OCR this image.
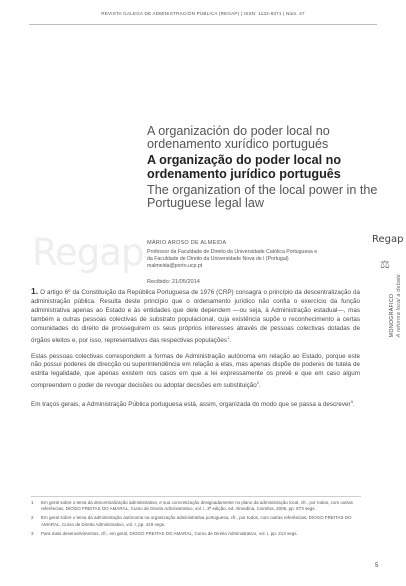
REVISTA GALEGA DE ADMINISTRACIÓN PÚBLICA (REGAP) | ISSN: 1132-8371 | Núm. 47
A organización do poder local no ordenamento xurídico portugués
A organização do poder local no ordenamento jurídico português
The organization of the local power in the Portuguese legal law
Regap$^{47}$
MÁRIO AROSO DE ALMEIDA
Professor da Faculdade de Direito da Universidade Católica Portuguesa e
da Faculdade de Direito da Universidade Nova de l (Portugal)
malmeida@porto.ucp.pt
Recibido: 21/05/2014
Regap
⚖
MONOGRÁFICO A reforma local a debate

1. O artigo 6º da Constituição da República Portuguesa de 1976 (CRP) consagra o princípio da descentralização da administração pública. Resulta deste princípio que o ordenamento jurídico não confia o exercício da função administrativa apenas ao Estado e às entidades que dele dependem —ou seja, à Administração estadual—, mas também a outras pessoas colectivas de substrato populacional, cuja existência supõe o reconhecimento a certas comunidades do direito de prosseguirem os seus próprios interesses através de pessoas colectivas dotadas de órgãos eleitos e, por isso, representativos das respectivas populações$^1$.

Estas pessoas colectivas correspondem a formas de Administração autónoma em relação ao Estado, porque este não possui poderes de direcção ou superintendência em relação a elas, mas apenas dispõe de poderes de tutela de estrita legalidade, que apenas existem nos casos em que a lei expressamente os prevê e que em caso algum compreendem o poder de revogar decisões ou adoptar decisões em substituição$^2$.

Em traços gerais, a Administração Pública portuguesa está, assim, organizada do modo que se passa a descrever$^3$.

1	Em geral sobre o tema da descentralização administrativa, e sua concretização designadamente no plano da administração local, cfr., por todos, com outras referências, DIOGO FREITAS DO AMARAL, Curso de Direito Administrativo, vol. I, 3ª edição, ed. Almedina, Coimbra, 2006, pp. 873 segs.
2	Em geral sobre o tema da administração autónoma na organização administrativa portuguesa, cfr., por todos, com outras referências, DIOGO FREITAS DO AMARAL, Curso de Direito Administrativo, vol. I, pp. 419 segs.
3	Para mais desenvolvimentos, cfr., em geral, DIOGO FREITAS DO AMARAL, Curso de Direito Administrativo, vol. I, pp. 213 segs.
5
